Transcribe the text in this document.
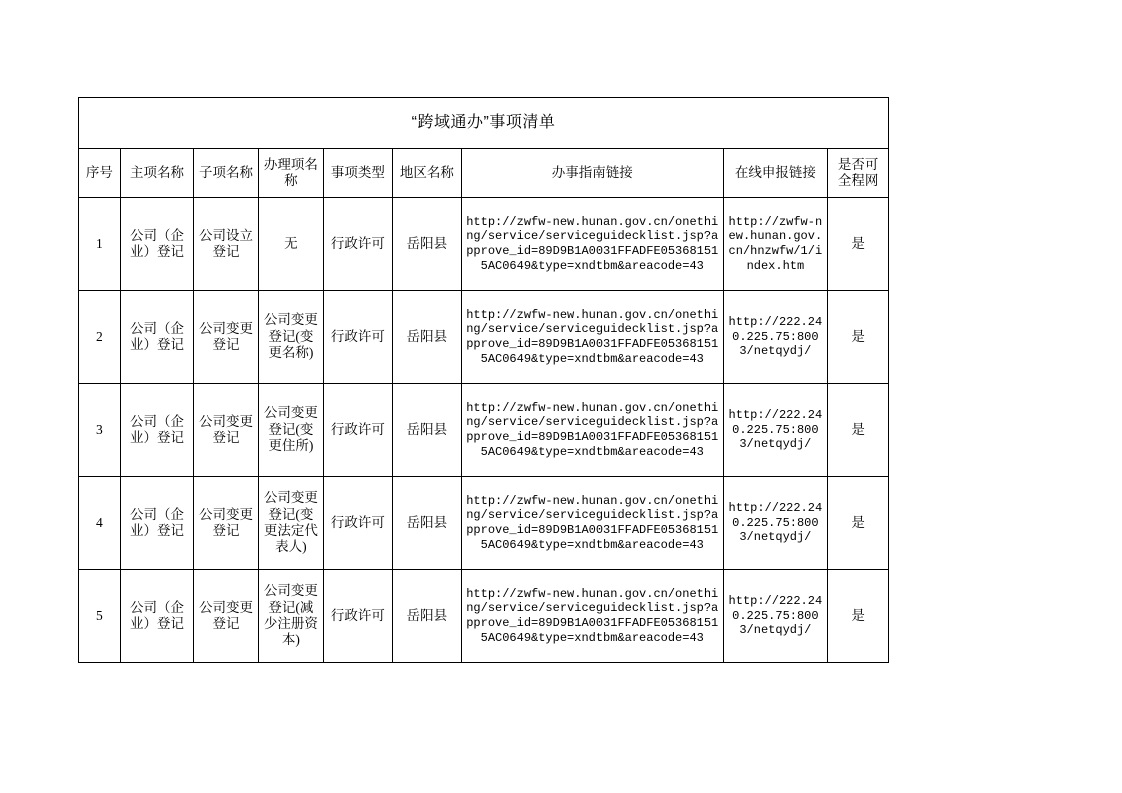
“跨域通办”事项清单								
序号	主项名称	子项名称	办理项名称	事项类型	地区名称	办事指南链接	在线申报链接	是否可全程网
1	公司（企业）登记	公司设立登记	无	行政许可	岳阳县	http://zwfw-new.hunan.gov.cn/onething/service/serviceguidecklist.jsp?approve_id=89D9B1A0031FFADFE053681515AC0649&type=xndtbm&areacode=43	http://zwfw-new.hunan.gov.cn/hnzwfw/1/index.htm	是
2	公司（企业）登记	公司变更登记	公司变更登记(变更名称)	行政许可	岳阳县	http://zwfw-new.hunan.gov.cn/onething/service/serviceguidecklist.jsp?approve_id=89D9B1A0031FFADFE053681515AC0649&type=xndtbm&areacode=43	http://222.240.225.75:8003/netqydj/	是
3	公司（企业）登记	公司变更登记	公司变更登记(变更住所)	行政许可	岳阳县	http://zwfw-new.hunan.gov.cn/onething/service/serviceguidecklist.jsp?approve_id=89D9B1A0031FFADFE053681515AC0649&type=xndtbm&areacode=43	http://222.240.225.75:8003/netqydj/	是
4	公司（企业）登记	公司变更登记	公司变更登记(变更法定代表人)	行政许可	岳阳县	http://zwfw-new.hunan.gov.cn/onething/service/serviceguidecklist.jsp?approve_id=89D9B1A0031FFADFE053681515AC0649&type=xndtbm&areacode=43	http://222.240.225.75:8003/netqydj/	是
5	公司（企业）登记	公司变更登记	公司变更登记(减少注册资本)	行政许可	岳阳县	http://zwfw-new.hunan.gov.cn/onething/service/serviceguidecklist.jsp?approve_id=89D9B1A0031FFADFE053681515AC0649&type=xndtbm&areacode=43	http://222.240.225.75:8003/netqydj/	是
